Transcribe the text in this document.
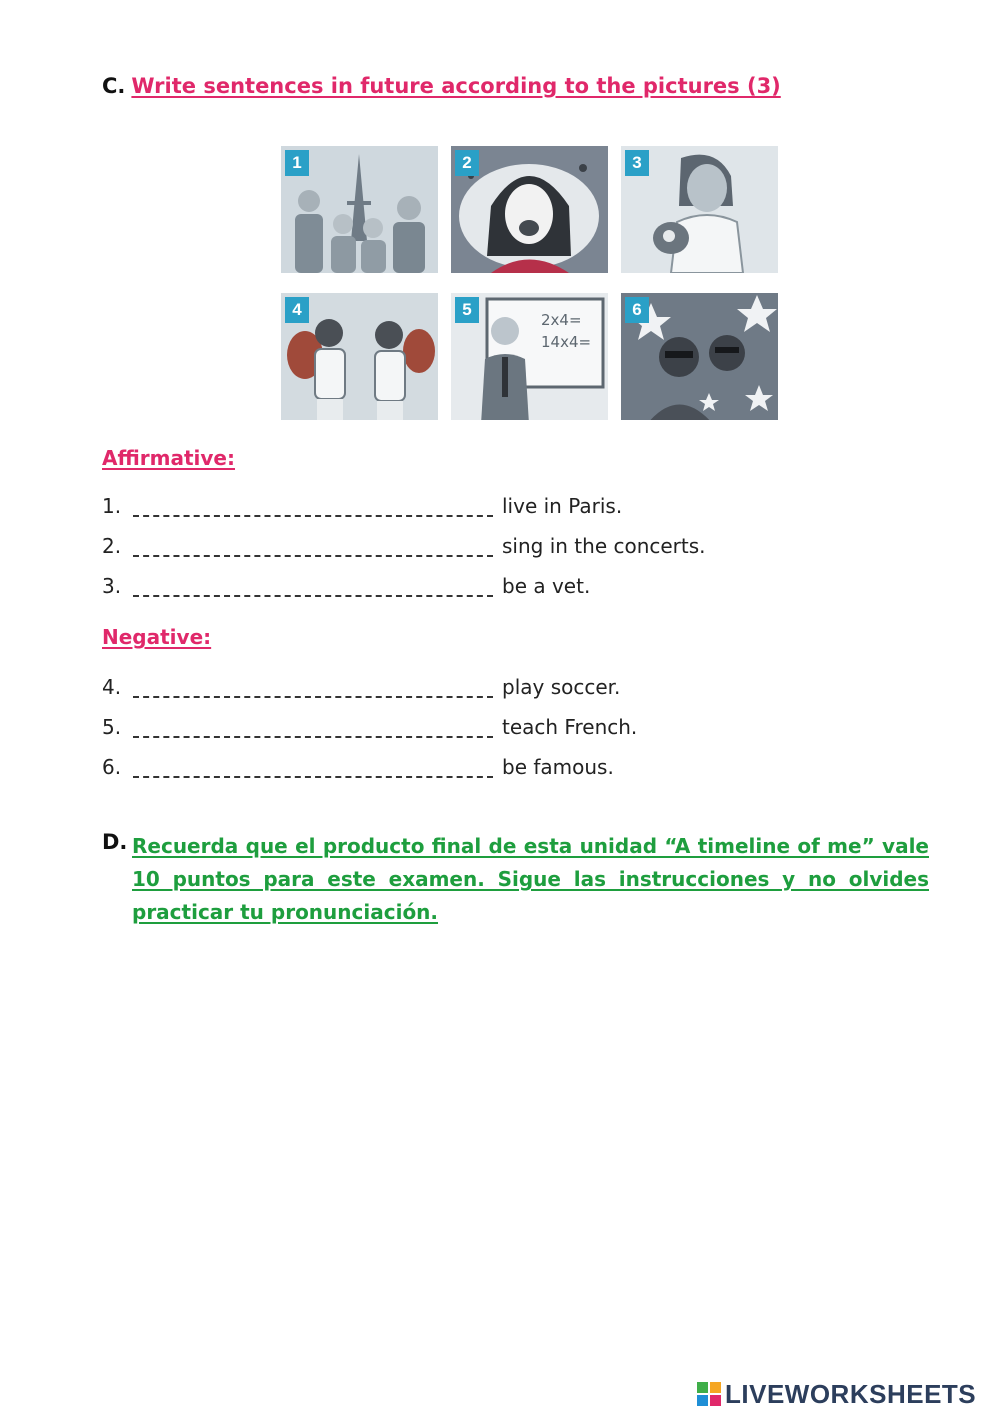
C. Write sentences in future according to the pictures (3)
1	2	3
4
2x4=
14x4=
5	6
Affirmative:
1.	live in Paris.
2.	sing in the concerts.
3.	be a vet.
Negative:
4.	play soccer.
5.	teach French.
6.	be famous.
D. Recuerda que el producto final de esta unidad “A timeline of me” vale 10 puntos para este examen. Sigue las instrucciones y no olvides practicar tu pronunciación.
LIVEWORKSHEETS
